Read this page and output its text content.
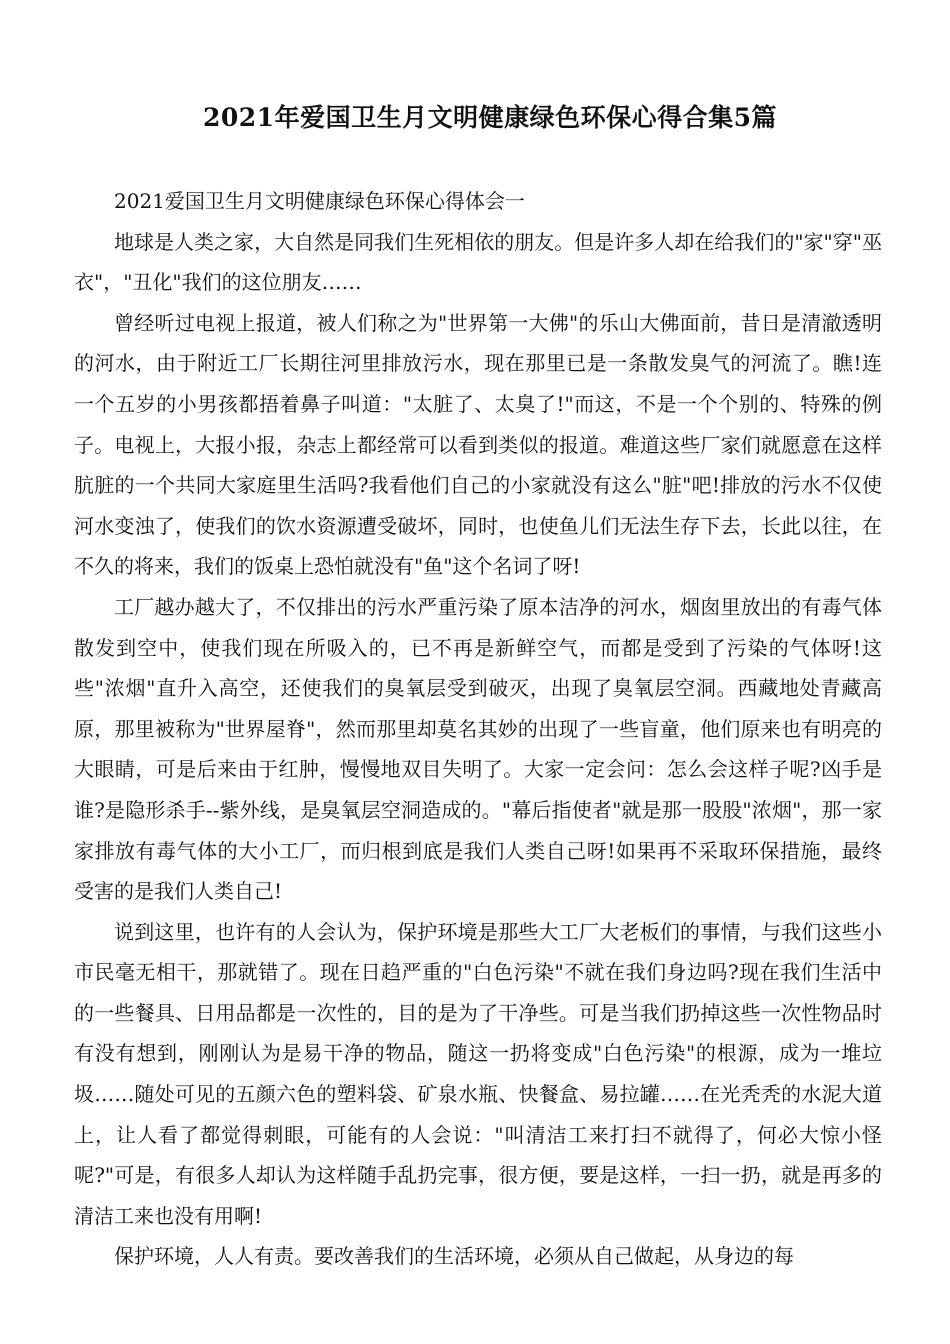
2021年爱国卫生月文明健康绿色环保心得合集5篇

2021爱国卫生月文明健康绿色环保心得体会一

地球是人类之家，大自然是同我们生死相依的朋友。但是许多人却在给我们的"家"穿"巫衣"，"丑化"我们的这位朋友……

曾经听过电视上报道，被人们称之为"世界第一大佛"的乐山大佛面前，昔日是清澈透明的河水，由于附近工厂长期往河里排放污水，现在那里已是一条散发臭气的河流了。瞧!连一个五岁的小男孩都捂着鼻子叫道："太脏了、太臭了!"而这，不是一个个别的、特殊的例子。电视上，大报小报，杂志上都经常可以看到类似的报道。难道这些厂家们就愿意在这样肮脏的一个共同大家庭里生活吗?我看他们自己的小家就没有这么"脏"吧!排放的污水不仅使河水变浊了，使我们的饮水资源遭受破坏，同时，也使鱼儿们无法生存下去，长此以往，在不久的将来，我们的饭桌上恐怕就没有"鱼"这个名词了呀!

工厂越办越大了，不仅排出的污水严重污染了原本洁净的河水，烟囱里放出的有毒气体散发到空中，使我们现在所吸入的，已不再是新鲜空气，而都是受到了污染的气体呀!这些"浓烟"直升入高空，还使我们的臭氧层受到破灭，出现了臭氧层空洞。西藏地处青藏高原，那里被称为"世界屋脊"，然而那里却莫名其妙的出现了一些盲童，他们原来也有明亮的大眼睛，可是后来由于红肿，慢慢地双目失明了。大家一定会问：怎么会这样子呢?凶手是谁?是隐形杀手--紫外线，是臭氧层空洞造成的。"幕后指使者"就是那一股股"浓烟"，那一家家排放有毒气体的大小工厂，而归根到底是我们人类自己呀!如果再不采取环保措施，最终受害的是我们人类自己!

说到这里，也许有的人会认为，保护环境是那些大工厂大老板们的事情，与我们这些小市民毫无相干，那就错了。现在日趋严重的"白色污染"不就在我们身边吗?现在我们生活中的一些餐具、日用品都是一次性的，目的是为了干净些。可是当我们扔掉这些一次性物品时有没有想到，刚刚认为是易干净的物品，随这一扔将变成"白色污染"的根源，成为一堆垃圾……随处可见的五颜六色的塑料袋、矿泉水瓶、快餐盒、易拉罐……在光秃秃的水泥大道上，让人看了都觉得刺眼，可能有的人会说："叫清洁工来打扫不就得了，何必大惊小怪呢?"可是，有很多人却认为这样随手乱扔完事，很方便，要是这样，一扫一扔，就是再多的清洁工来也没有用啊!

保护环境，人人有责。要改善我们的生活环境，必须从自己做起，从身边的每
